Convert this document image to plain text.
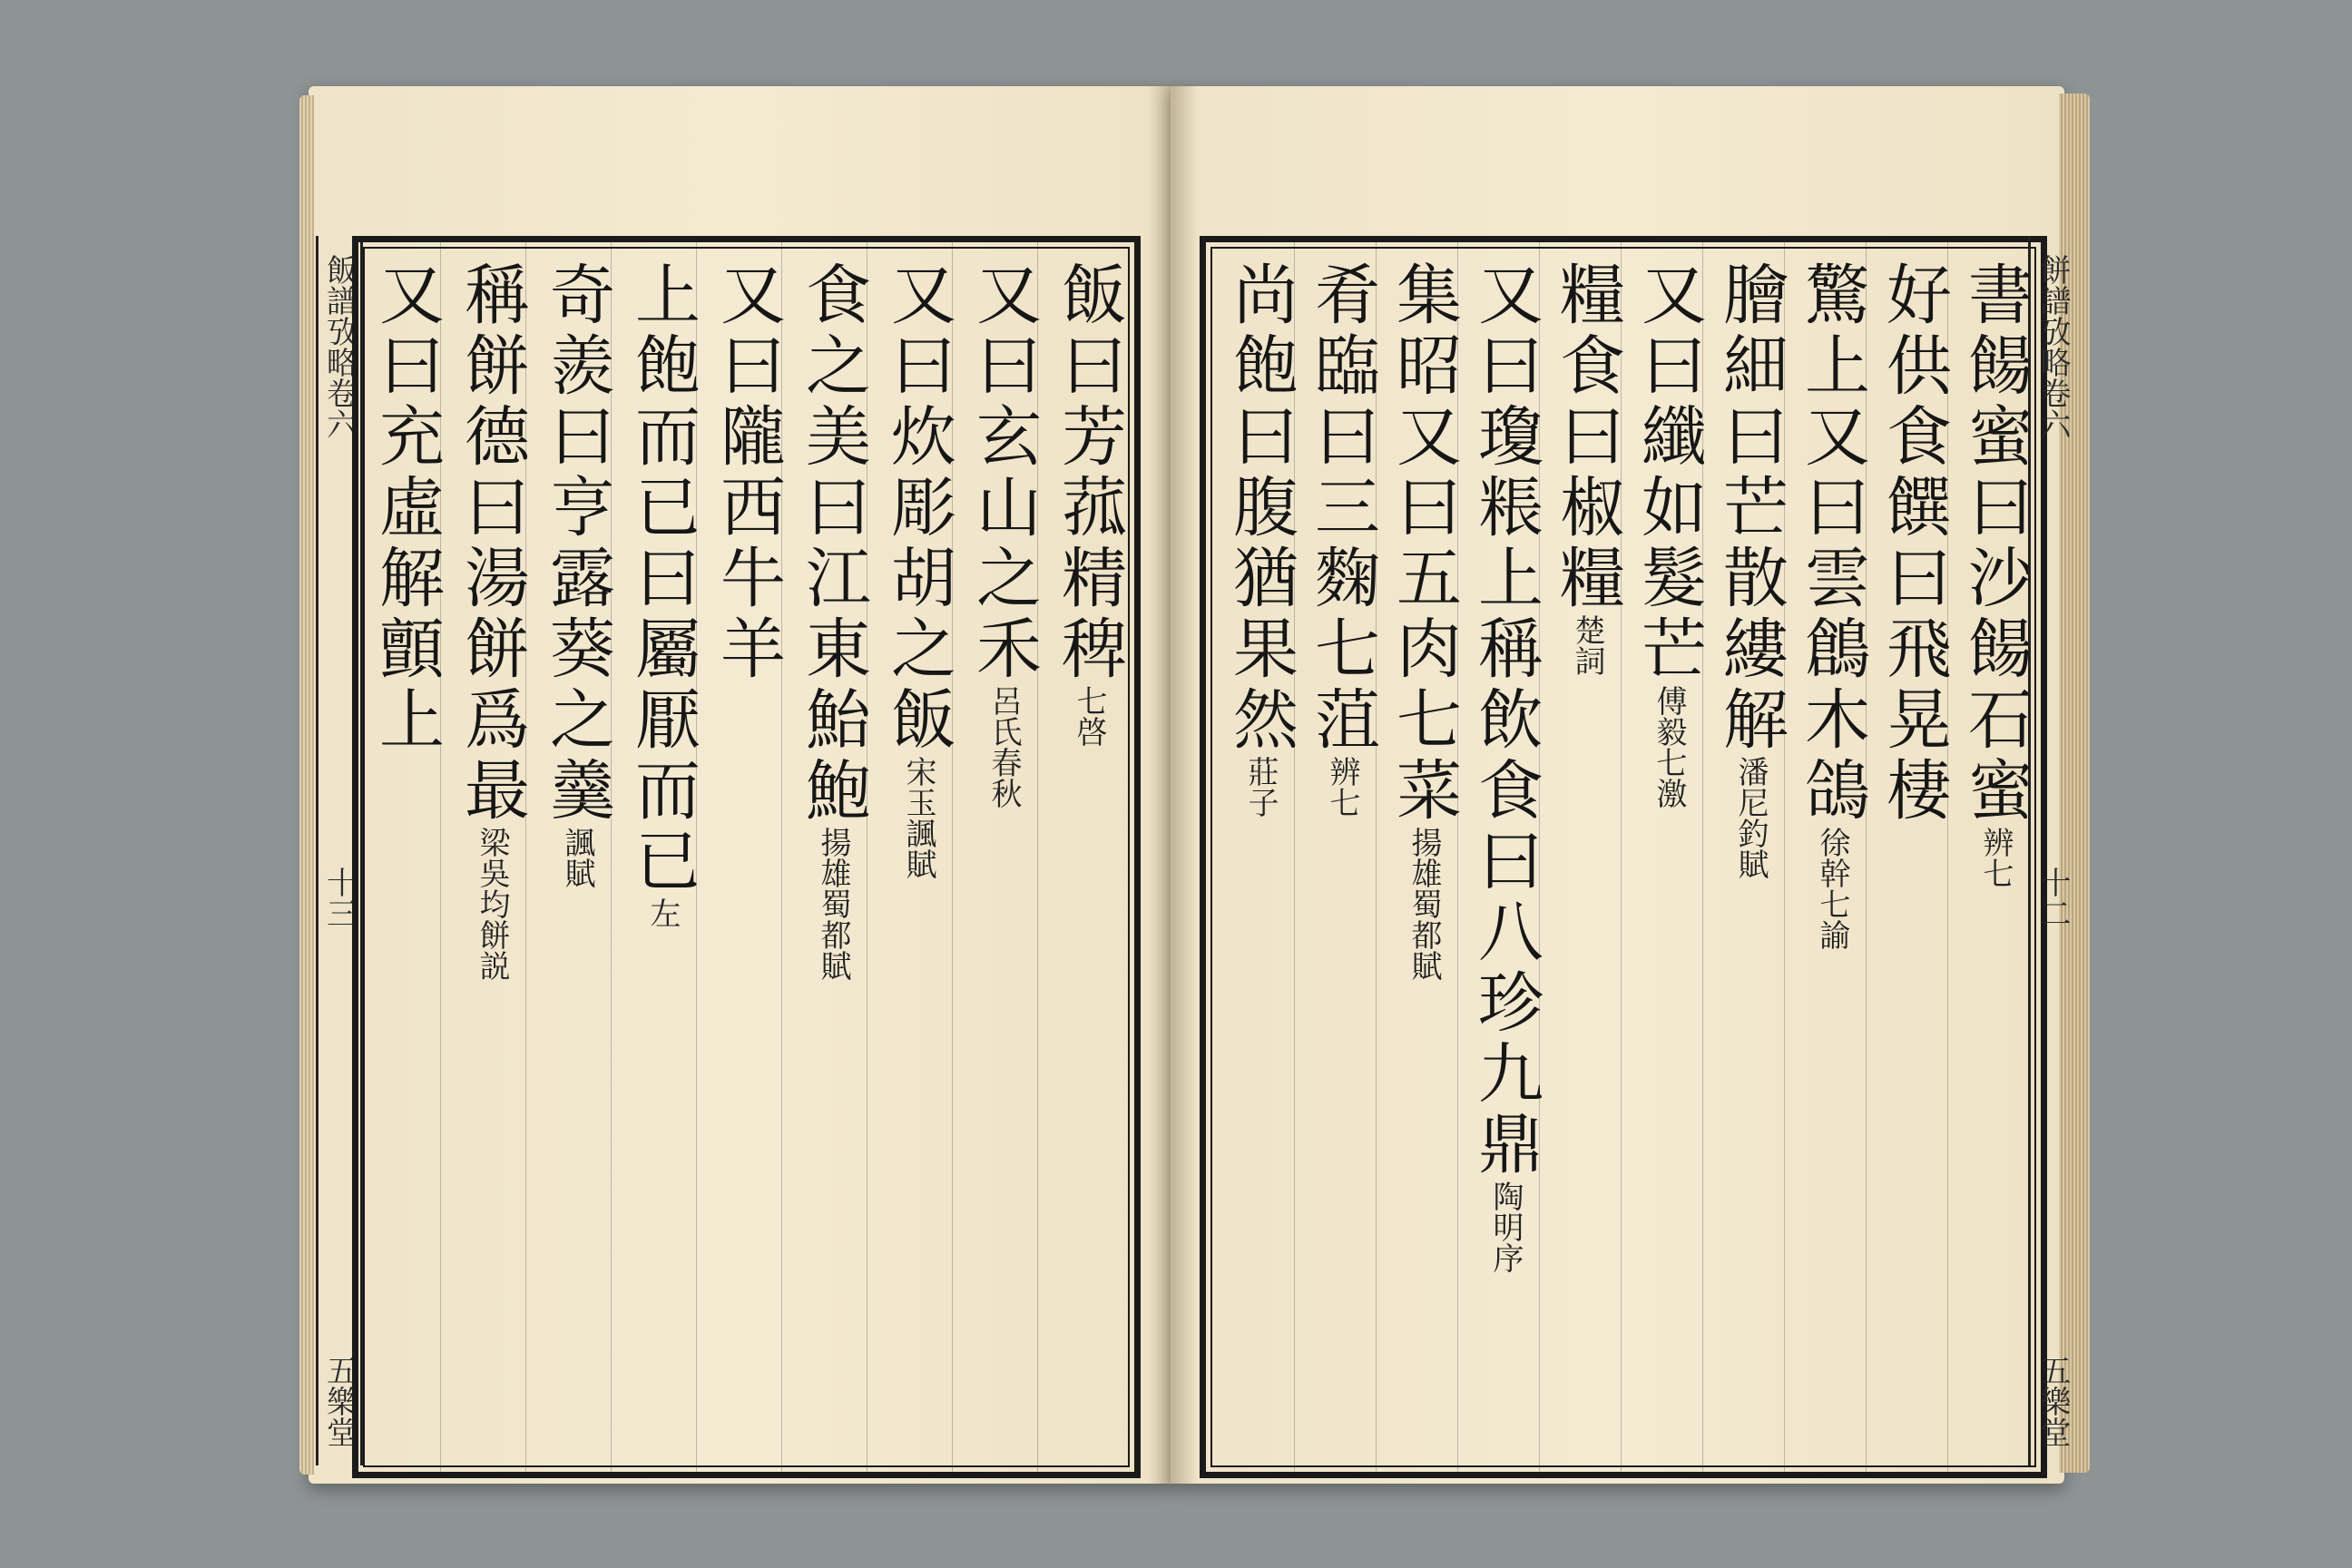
飯譜攷略卷六
十三
五樂堂
飯曰芳菰精稗七啓
又曰玄山之禾呂氏春秋
又曰炊彫胡之飯宋玉諷賦
食之美曰江東鮐鮑揚雄蜀都賦
又曰隴西牛羊
上飽而已曰屬厭而已左
奇羨曰亨露葵之羹諷賦
稱餅德曰湯餅爲最梁吳均餅説
又曰充虛解顫上	書餳蜜曰沙餳石蜜辨七
好供食饌曰飛晃棲
驚上又曰雲鶬木鴿徐幹七諭
膾細曰芒散縷解潘尼釣賦
又曰纖如髮芒傅毅七激
糧食曰椒糧楚詞
又曰瓊粻上稱飲食曰八珍九鼎陶明序
集昭又曰五肉七菜揚雄蜀都賦
肴臨曰三麴七菹辨七
尚飽曰腹猶果然莊子
餅譜攷略卷六
十二
五樂堂
